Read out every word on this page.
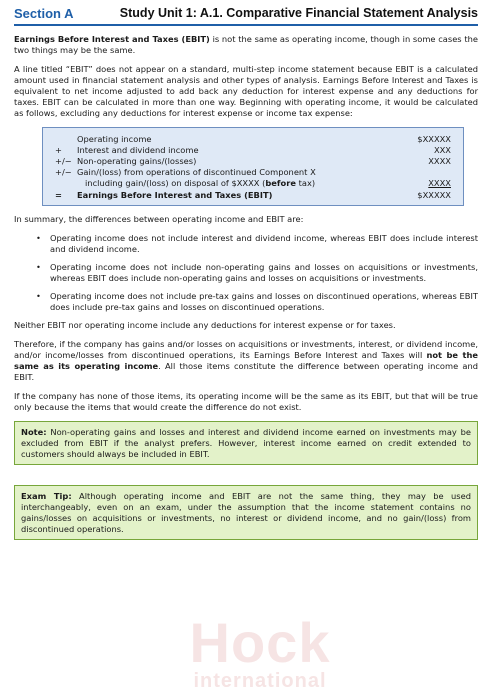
Section A	Study Unit 1: A.1. Comparative Financial Statement Analysis

Earnings Before Interest and Taxes (EBIT) is not the same as operating income, though in some cases the two things may be the same.

A line titled “EBIT” does not appear on a standard, multi-step income statement because EBIT is a calculated amount used in financial statement analysis and other types of analysis. Earnings Before Interest and Taxes is equivalent to net income adjusted to add back any deduction for interest expense and any deductions for taxes. EBIT can be calculated in more than one way. Beginning with operating income, it would be calculated as follows, excluding any deductions for interest expense or income tax expense:

Operating income	$XXXXX
+	Interest and dividend income	XXX
+/− Non-operating gains/(losses)	XXXX
+/− Gain/(loss) from operations of discontinued Component X
including gain/(loss) on disposal of $XXXX (before tax)	XXXX
=	Earnings Before Interest and Taxes (EBIT)	$XXXXX

In summary, the differences between operating income and EBIT are:

• Operating income does not include interest and dividend income, whereas EBIT does include interest and dividend income.
• Operating income does not include non-operating gains and losses on acquisitions or investments, whereas EBIT does include non-operating gains and losses on acquisitions or investments.
• Operating income does not include pre-tax gains and losses on discontinued operations, whereas EBIT does include pre-tax gains and losses on discontinued operations.

Neither EBIT nor operating income include any deductions for interest expense or for taxes.

Therefore, if the company has gains and/or losses on acquisitions or investments, interest, or dividend income, and/or income/losses from discontinued operations, its Earnings Before Interest and Taxes will not be the same as its operating income. All those items constitute the difference between operating income and EBIT.

If the company has none of those items, its operating income will be the same as its EBIT, but that will be true only because the items that would create the difference do not exist.

Note: Non-operating gains and losses and interest and dividend income earned on investments may be excluded from EBIT if the analyst prefers. However, interest income earned on credit extended to customers should always be included in EBIT.
Exam Tip: Although operating income and EBIT are not the same thing, they may be used interchangeably, even on an exam, under the assumption that the income statement contains no gains/losses on acquisitions or investments, no interest or dividend income, and no gain/(loss) from discontinued operations.
Hock
international
